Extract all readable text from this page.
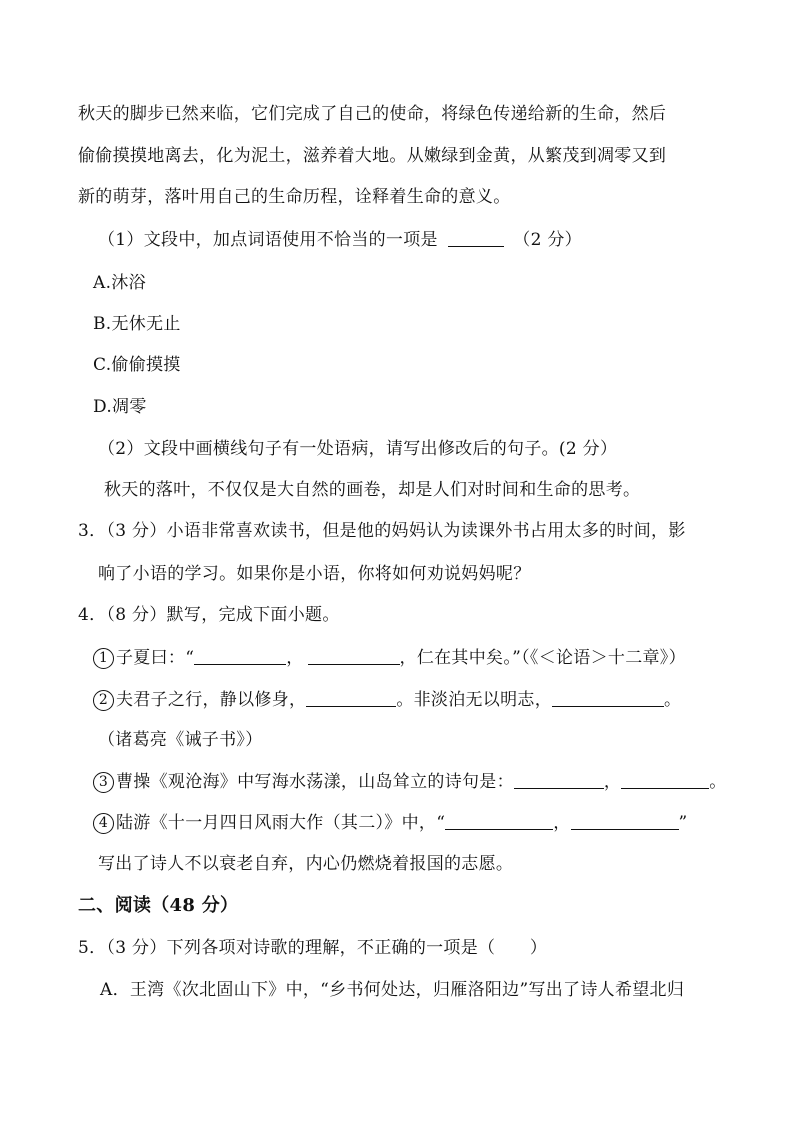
秋天的脚步已然来临，它们完成了自己的使命，将绿色传递给新的生命，然后
偷偷摸摸地离去，化为泥土，滋养着大地。从嫩绿到金黄，从繁茂到凋零又到
新的萌芽，落叶用自己的生命历程，诠释着生命的意义。
（1）文段中，加点词语使用不恰当的一项是	（2 分）
A.沐浴
B.无休无止
C.偷偷摸摸
D.凋零
（2）文段中画横线句子有一处语病，请写出修改后的句子。(2 分）
秋天的落叶，不仅仅是大自然的画卷，却是人们对时间和生命的思考。
3．（3 分）小语非常喜欢读书，但是他的妈妈认为读课外书占用太多的时间，影
响了小语的学习。如果你是小语，你将如何劝说妈妈呢？
4．（8 分）默写，完成下面小题。
1 子夏曰：“	，	，仁在其中矣。”（《＜论语＞十二章》）
2 夫君子之行，静以修身，	。非淡泊无以明志，	。
（诸葛亮《诫子书》）
3 曹操《观沧海》中写海水荡漾，山岛耸立的诗句是：	，	。
4 陆游《十一月四日风雨大作（其二）》中，“	，	”
写出了诗人不以衰老自弃，内心仍燃烧着报国的志愿。
二、阅读（48 分）
5．（3 分）下列各项对诗歌的理解，不正确的一项是（　　）
A．王湾《次北固山下》中，“乡书何处达，归雁洛阳边”写出了诗人希望北归
